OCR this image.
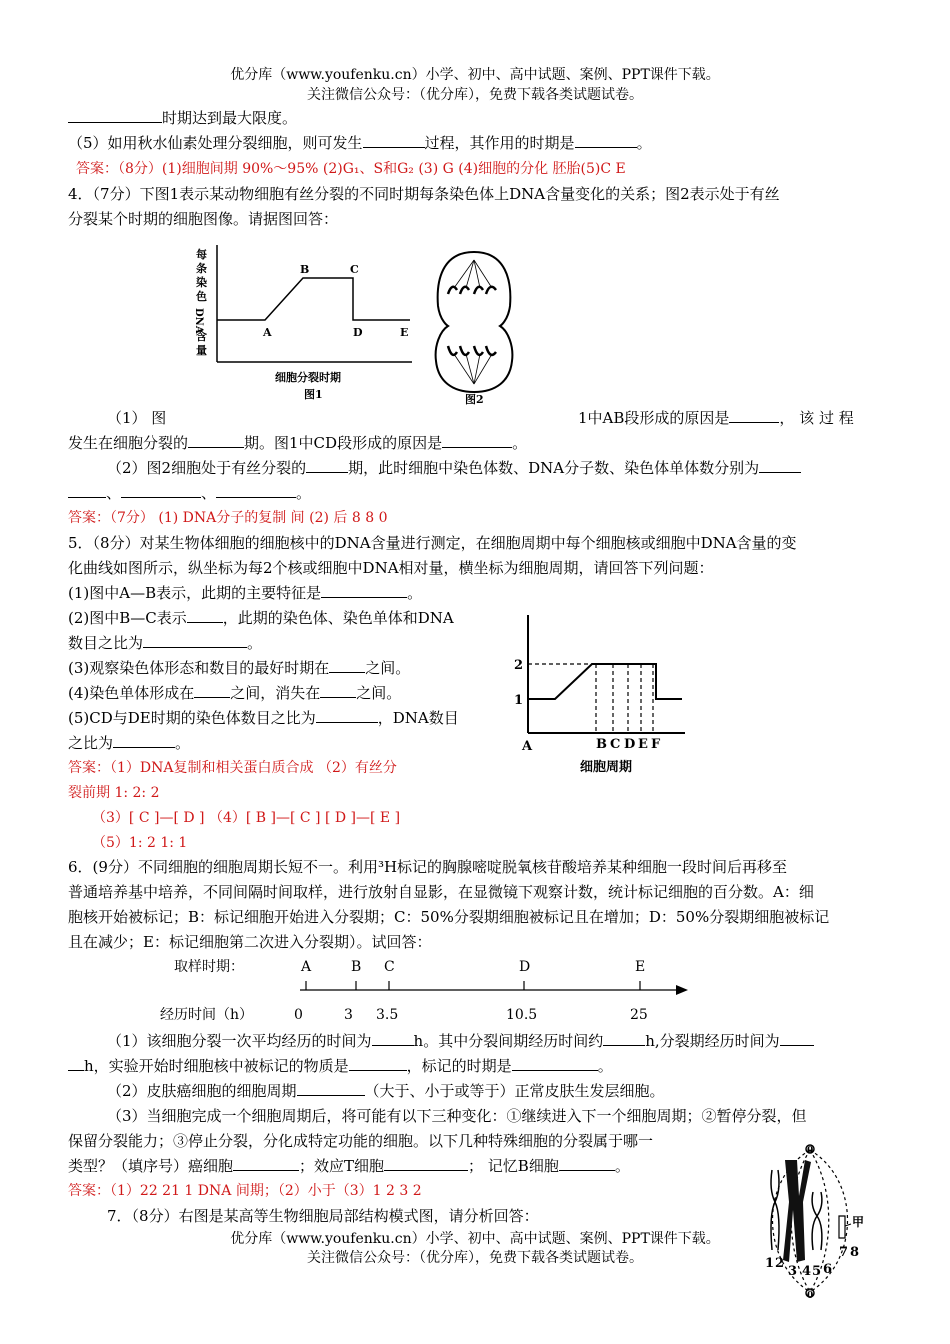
优分库（www.youfenku.cn）小学、初中、高中试题、案例、PPT课件下载。
关注微信公众号：（优分库），免费下载各类试题试卷。
时期达到最大限度。
（5）如用秋水仙素处理分裂细胞，则可发生	过程，其作用的时期是	。
答案：（8分）(1)细胞间期 90%～95% (2)G₁、S和G₂ (3) G (4)细胞的分化 胚胎(5)C E
4．（7分）下图1表示某动物细胞有丝分裂的不同时期每条染色体上DNA含量变化的关系；图2表示处于有丝
分裂某个时期的细胞图像。请据图回答：
每
条
染
色
DNA
含
量
A
B	C
D	E
细胞分裂时期
图1	图2
（1） 图	1中AB段形成的原因是	， 该 过 程
发生在细胞分裂的	期。图1中CD段形成的原因是	。
（2）图2细胞处于有丝分裂的	期，此时细胞中染色体数、DNA分子数、染色体单体数分别为
、	、	。
答案：（7分） (1) DNA分子的复制 间 (2) 后 8 8 0
5．（8分）对某生物体细胞的细胞核中的DNA含量进行测定，在细胞周期中每个细胞核或细胞中DNA含量的变
化曲线如图所示，纵坐标为每2个核或细胞中DNA相对量，横坐标为细胞周期，请回答下列问题：
(1)图中A—B表示，此期的主要特征是	。
(2)图中B—C表示 ，此期的染色体、染色单体和DNA
数目之比为	。
(3)观察染色体形态和数目的最好时期在 之间。
(4)染色单体形成在 之间，消失在 之间。
(5)CD与DE时期的染色体数目之比为	，DNA数目
之比为	。
答案：（1）DNA复制和相关蛋白质合成 （2）有丝分
裂前期 1: 2: 2
（3）[ C ]—[ D ] （4）[ B ]—[ C ] [ D ]—[ E ]
（5）1: 2 1: 1
2
1
A	B C D E F
细胞周期
6．(9分）不同细胞的细胞周期长短不一。利用³H标记的胸腺嘧啶脱氧核苷酸培养某种细胞一段时间后再移至
普通培养基中培养，不同间隔时间取样，进行放射自显影，在显微镜下观察计数，统计标记细胞的百分数。A：细
胞核开始被标记；B：标记细胞开始进入分裂期；C：50%分裂期细胞被标记且在增加；D：50%分裂期细胞被标记
且在减少；E：标记细胞第二次进入分裂期）。试回答：
取样时期：
经历时间（h）
A	B C	D	E
0	3 3.5	10.5	25
（1）该细胞分裂一次平均经历的时间为	h。其中分裂间期经历时间约	h,分裂期经历时间为
h，实验开始时细胞核中被标记的物质是	，标记的时期是	。
（2）皮肤癌细胞的细胞周期	（大于、小于或等于）正常皮肤生发层细胞。
（3）当细胞完成一个细胞周期后，将可能有以下三种变化：①继续进入下一个细胞周期；②暂停分裂，但
保留分裂能力；③停止分裂，分化成特定功能的细胞。以下几种特殊细胞的分裂属于哪一
类型？（填序号）癌细胞	；效应T细胞	； 记忆B细胞	。
答案：（1）22 21 1 DNA 间期；（2）小于（3）1 2 3 2
7．（8分）右图是某高等生物细胞局部结构模式图，请分析回答：
0
0
甲
1 2
3 4 5 6
7 8
优分库（www.youfenku.cn）小学、初中、高中试题、案例、PPT课件下载。
关注微信公众号：（优分库），免费下载各类试题试卷。
